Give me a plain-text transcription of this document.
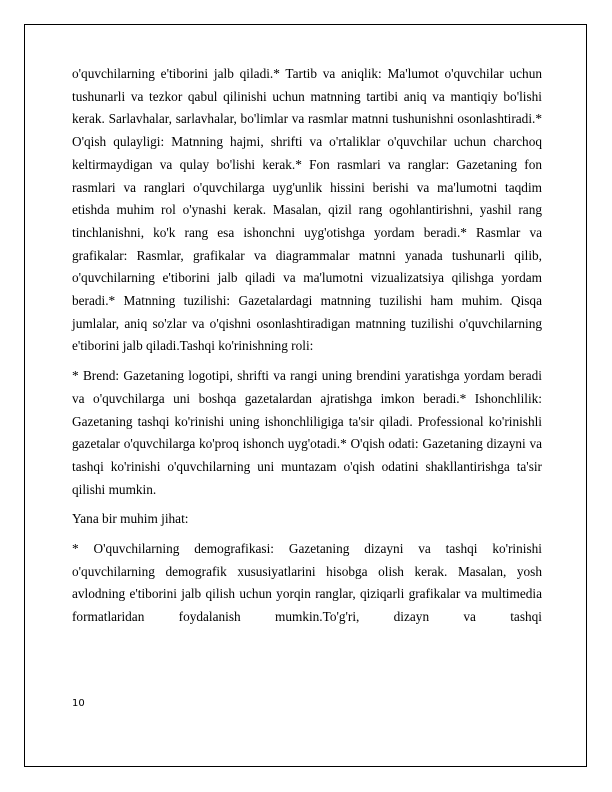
o'quvchilarning e'tiborini jalb qiladi.* Tartib va aniqlik: Ma'lumot o'quvchilar uchun tushunarli va tezkor qabul qilinishi uchun matnning tartibi aniq va mantiqiy bo'lishi kerak. Sarlavhalar, sarlavhalar, bo'limlar va rasmlar matnni tushunishni osonlashtiradi.* O'qish qulayligi: Matnning hajmi, shrifti va o'rtaliklar o'quvchilar uchun charchoq keltirmaydigan va qulay bo'lishi kerak.* Fon rasmlari va ranglar: Gazetaning fon rasmlari va ranglari o'quvchilarga uyg'unlik hissini berishi va ma'lumotni taqdim etishda muhim rol o'ynashi kerak. Masalan, qizil rang ogohlantirishni, yashil rang tinchlanishni, ko'k rang esa ishonchni uyg'otishga yordam beradi.* Rasmlar va grafikalar: Rasmlar, grafikalar va diagrammalar matnni yanada tushunarli qilib, o'quvchilarning e'tiborini jalb qiladi va ma'lumotni vizualizatsiya qilishga yordam beradi.* Matnning tuzilishi: Gazetalardagi matnning tuzilishi ham muhim. Qisqa jumlalar, aniq so'zlar va o'qishni osonlashtiradigan matnning tuzilishi o'quvchilarning e'tiborini jalb qiladi.Tashqi ko'rinishning roli:

* Brend: Gazetaning logotipi, shrifti va rangi uning brendini yaratishga yordam beradi va o'quvchilarga uni boshqa gazetalardan ajratishga imkon beradi.* Ishonchlilik: Gazetaning tashqi ko'rinishi uning ishonchliligiga ta'sir qiladi. Professional ko'rinishli gazetalar o'quvchilarga ko'proq ishonch uyg'otadi.* O'qish odati: Gazetaning dizayni va tashqi ko'rinishi o'quvchilarning uni muntazam o'qish odatini shakllantirishga ta'sir qilishi mumkin.

Yana bir muhim jihat:

* O'quvchilarning demografikasi: Gazetaning dizayni va tashqi ko'rinishi o'quvchilarning demografik xususiyatlarini hisobga olish kerak. Masalan, yosh avlodning e'tiborini jalb qilish uchun yorqin ranglar, qiziqarli grafikalar va multimedia formatlaridan foydalanish mumkin.To'g'ri, dizayn va tashqi

10
